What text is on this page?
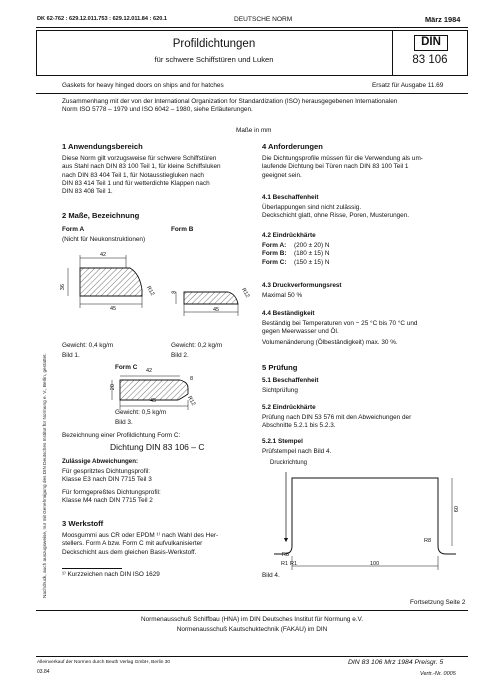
DK 62-762 : 629.12.011.753 : 629.12.011.84 : 620.1	DEUTSCHE NORM	März 1984
Profildichtungen
für schwere Schiffstüren und Luken
DIN
83 106
Gaskets for heavy hinged doors on ships and for hatches	Ersatz für Ausgabe 11.69
Zusammenhang mit der von der International Organization for Standardization (ISO) herausgegebenen Internationalen
Norm ISO 5778 – 1979 und ISO 6042 – 1980, siehe Erläuterungen.
Maße in mm
1 Anwendungsbereich
Diese Norm gilt vorzugsweise für schwere Schiffstüren
aus Stahl nach DIN 83 100 Teil 1, für kleine Schiffsluken
nach DIN 83 404 Teil 1, für Notausstiegluken nach
DIN 83 414 Teil 1 und für wetterdichte Klappen nach
DIN 83 408 Teil 1.
2 Maße, Bezeichnung
Form A
(Nicht für Neukonstruktionen)
Form B
42
36
45
R12	8
45
R12
Gewicht: 0,4 kg/m
Bild 1.
Gewicht: 0,2 kg/m
Bild 2.
Form C 42
20
8
45	R12
Gewicht: 0,5 kg/m
Bild 3.
Bezeichnung einer Profildichtung Form C:
Dichtung DIN 83 106 – C
Zulässige Abweichungen:
Für gespritztes Dichtungsprofil:
Klasse E3 nach DIN 7715 Teil 3
Für formgepreßtes Dichtungsprofil:
Klasse M4 nach DIN 7715 Teil 2
3 Werkstoff
Moosgummi aus CR oder EPDM ¹⁾ nach Wahl des Her-
stellers. Form A bzw. Form C mit aufvulkanisierter
Deckschicht aus dem gleichen Basis-Werkstoff.
¹⁾ Kurzzeichen nach DIN ISO 1629
4 Anforderungen
Die Dichtungsprofile müssen für die Verwendung als um-
laufende Dichtung bei Türen nach DIN 83 100 Teil 1
geeignet sein.
4.1 Beschaffenheit
Überlappungen sind nicht zulässig.
Deckschicht glatt, ohne Risse, Poren, Musterungen.
4.2 Eindrückhärte
Form A: (200 ± 20) N
Form B: (180 ± 15) N
Form C: (150 ± 15) N
4.3 Druckverformungsrest
Maximal 50 %
4.4 Beständigkeit
Beständig bei Temperaturen von − 25 °C bis 70 °C und
gegen Meerwasser und Öl.
Volumenänderung (Ölbeständigkeit) max. 30 %.
5 Prüfung
5.1 Beschaffenheit
Sichtprüfung
5.2 Eindrückhärte
Prüfung nach DIN 53 576 mit den Abweichungen der
Abschnitte 5.2.1 bis 5.2.3.
5.2.1 Stempel
Prüfstempel nach Bild 4.
Druckrichtung
R8
R8
R1 R1
60
100
Bild 4.
Fortsetzung Seite 2
Normenausschuß Schiffbau (HNA) im DIN Deutsches Institut für Normung e.V.
Normenausschuß Kautschuktechnik (FAKAU) im DIN
Nachdruck, auch auszugsweise, nur mit Genehmigung des DIN Deutsches Institut für Normung e. V., Berlin, gestattet.
Alleinverkauf der Normen durch Beuth Verlag GmbH, Berlin 30
03.84
DIN 83 106 Mrz 1984 Preisgr. 5
Vertr.-Nr. 0005
